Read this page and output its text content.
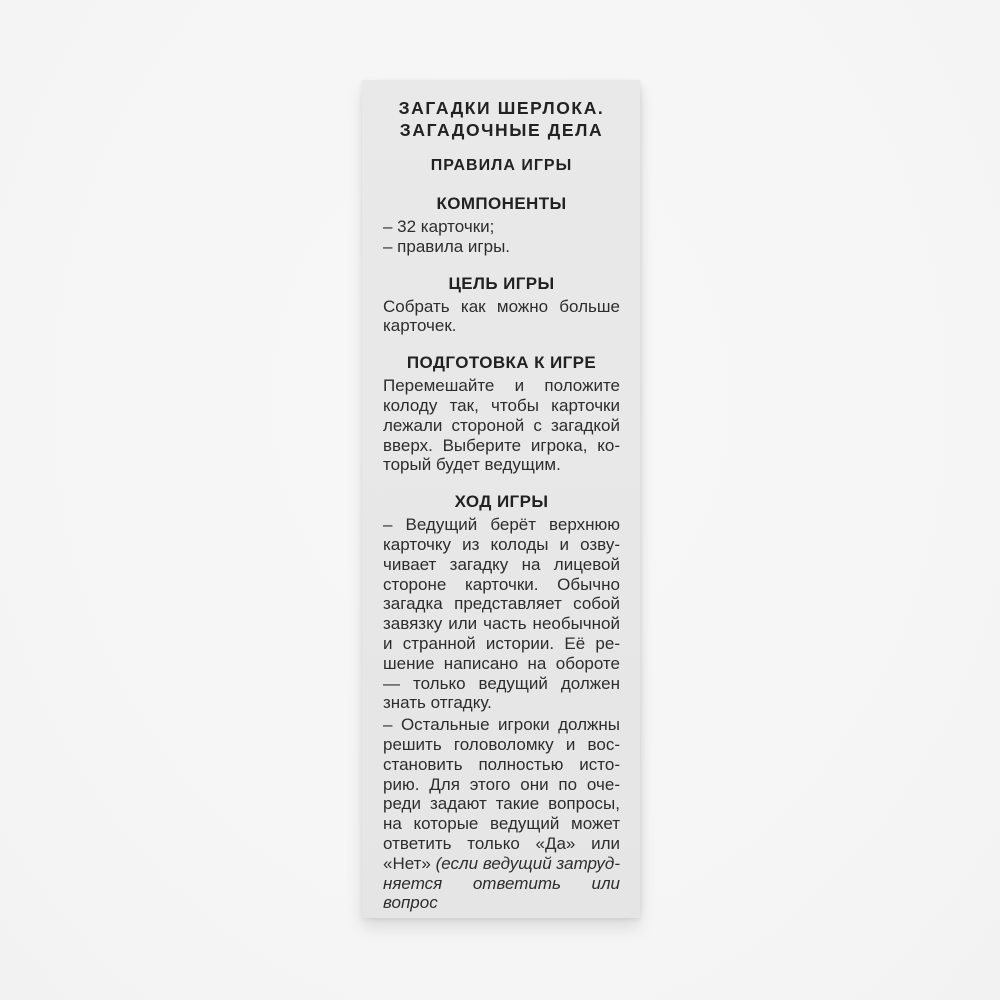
ЗАГАДКИ ШЕРЛОКА.
ЗАГАДОЧНЫЕ ДЕЛА
ПРАВИЛА ИГРЫ
КОМПОНЕНТЫ
– 32 карточки;
– правила игры.
ЦЕЛЬ ИГРЫ
Собрать как можно больше
карточек.
ПОДГОТОВКА К ИГРЕ
Перемешайте и положите
колоду так, чтобы карточки
лежали стороной с загадкой
вверх. Выберите игрока, ко-
торый будет ведущим.
ХОД ИГРЫ
– Ведущий берёт верхнюю
карточку из колоды и озву-
чивает загадку на лицевой
стороне карточки. Обычно
загадка представляет собой
завязку или часть необычной
и странной истории. Её ре-
шение написано на обороте
— только ведущий должен
знать отгадку.
– Остальные игроки должны
решить головоломку и вос-
становить полностью исто-
рию. Для этого они по оче-
реди задают такие вопросы,
на которые ведущий может
ответить только «Да» или
«Нет» (если ведущий затруд-
няется ответить или вопрос
